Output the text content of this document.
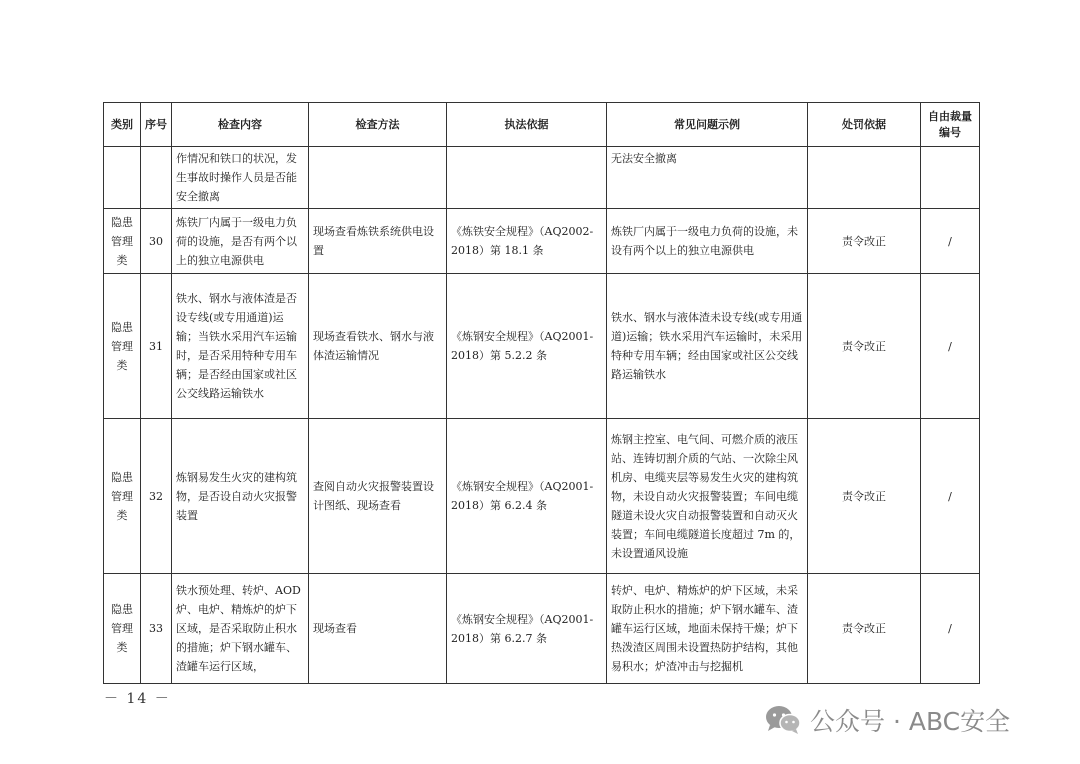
类别	序号	检查内容	检查方法	执法依据	常见问题示例	处罚依据	自由裁量编号
		作情况和铁口的状况，发生事故时操作人员是否能安全撤离			无法安全撤离		
隐患管理类	30	炼铁厂内属于一级电力负荷的设施，是否有两个以上的独立电源供电	现场查看炼铁系统供电设置	《炼铁安全规程》（AQ2002-2018）第 18.1 条	炼铁厂内属于一级电力负荷的设施，未设有两个以上的独立电源供电	责令改正	/
隐患管理类	31	铁水、钢水与液体渣是否设专线(或专用通道)运输；当铁水采用汽车运输时，是否采用特种专用车辆；是否经由国家或社区公交线路运输铁水	现场查看铁水、钢水与液体渣运输情况	《炼钢安全规程》（AQ2001-2018）第 5.2.2 条	铁水、钢水与液体渣未设专线(或专用通道)运输；铁水采用汽车运输时，未采用特种专用车辆；经由国家或社区公交线路运输铁水	责令改正	/
隐患管理类	32	炼钢易发生火灾的建构筑物，是否设自动火灾报警装置	查阅自动火灾报警装置设计图纸、现场查看	《炼钢安全规程》（AQ2001-2018）第 6.2.4 条	炼钢主控室、电气间、可燃介质的液压站、连铸切割介质的气站、一次除尘风机房、电缆夹层等易发生火灾的建构筑物，未设自动火灾报警装置；车间电缆隧道未设火灾自动报警装置和自动灭火装置；车间电缆隧道长度超过 7m 的，未设置通风设施	责令改正	/
隐患管理类	33	铁水预处理、转炉、AOD炉、电炉、精炼炉的炉下区域，是否采取防止积水的措施；炉下钢水罐车、渣罐车运行区域，	现场查看	《炼钢安全规程》（AQ2001-2018）第 6.2.7 条	转炉、电炉、精炼炉的炉下区域，未采取防止积水的措施；炉下钢水罐车、渣罐车运行区域，地面未保持干燥；炉下热泼渣区周围未设置热防护结构，其他易积水；炉渣冲击与挖掘机	责令改正	/
－ 14 －
公众号 · ABC安全
